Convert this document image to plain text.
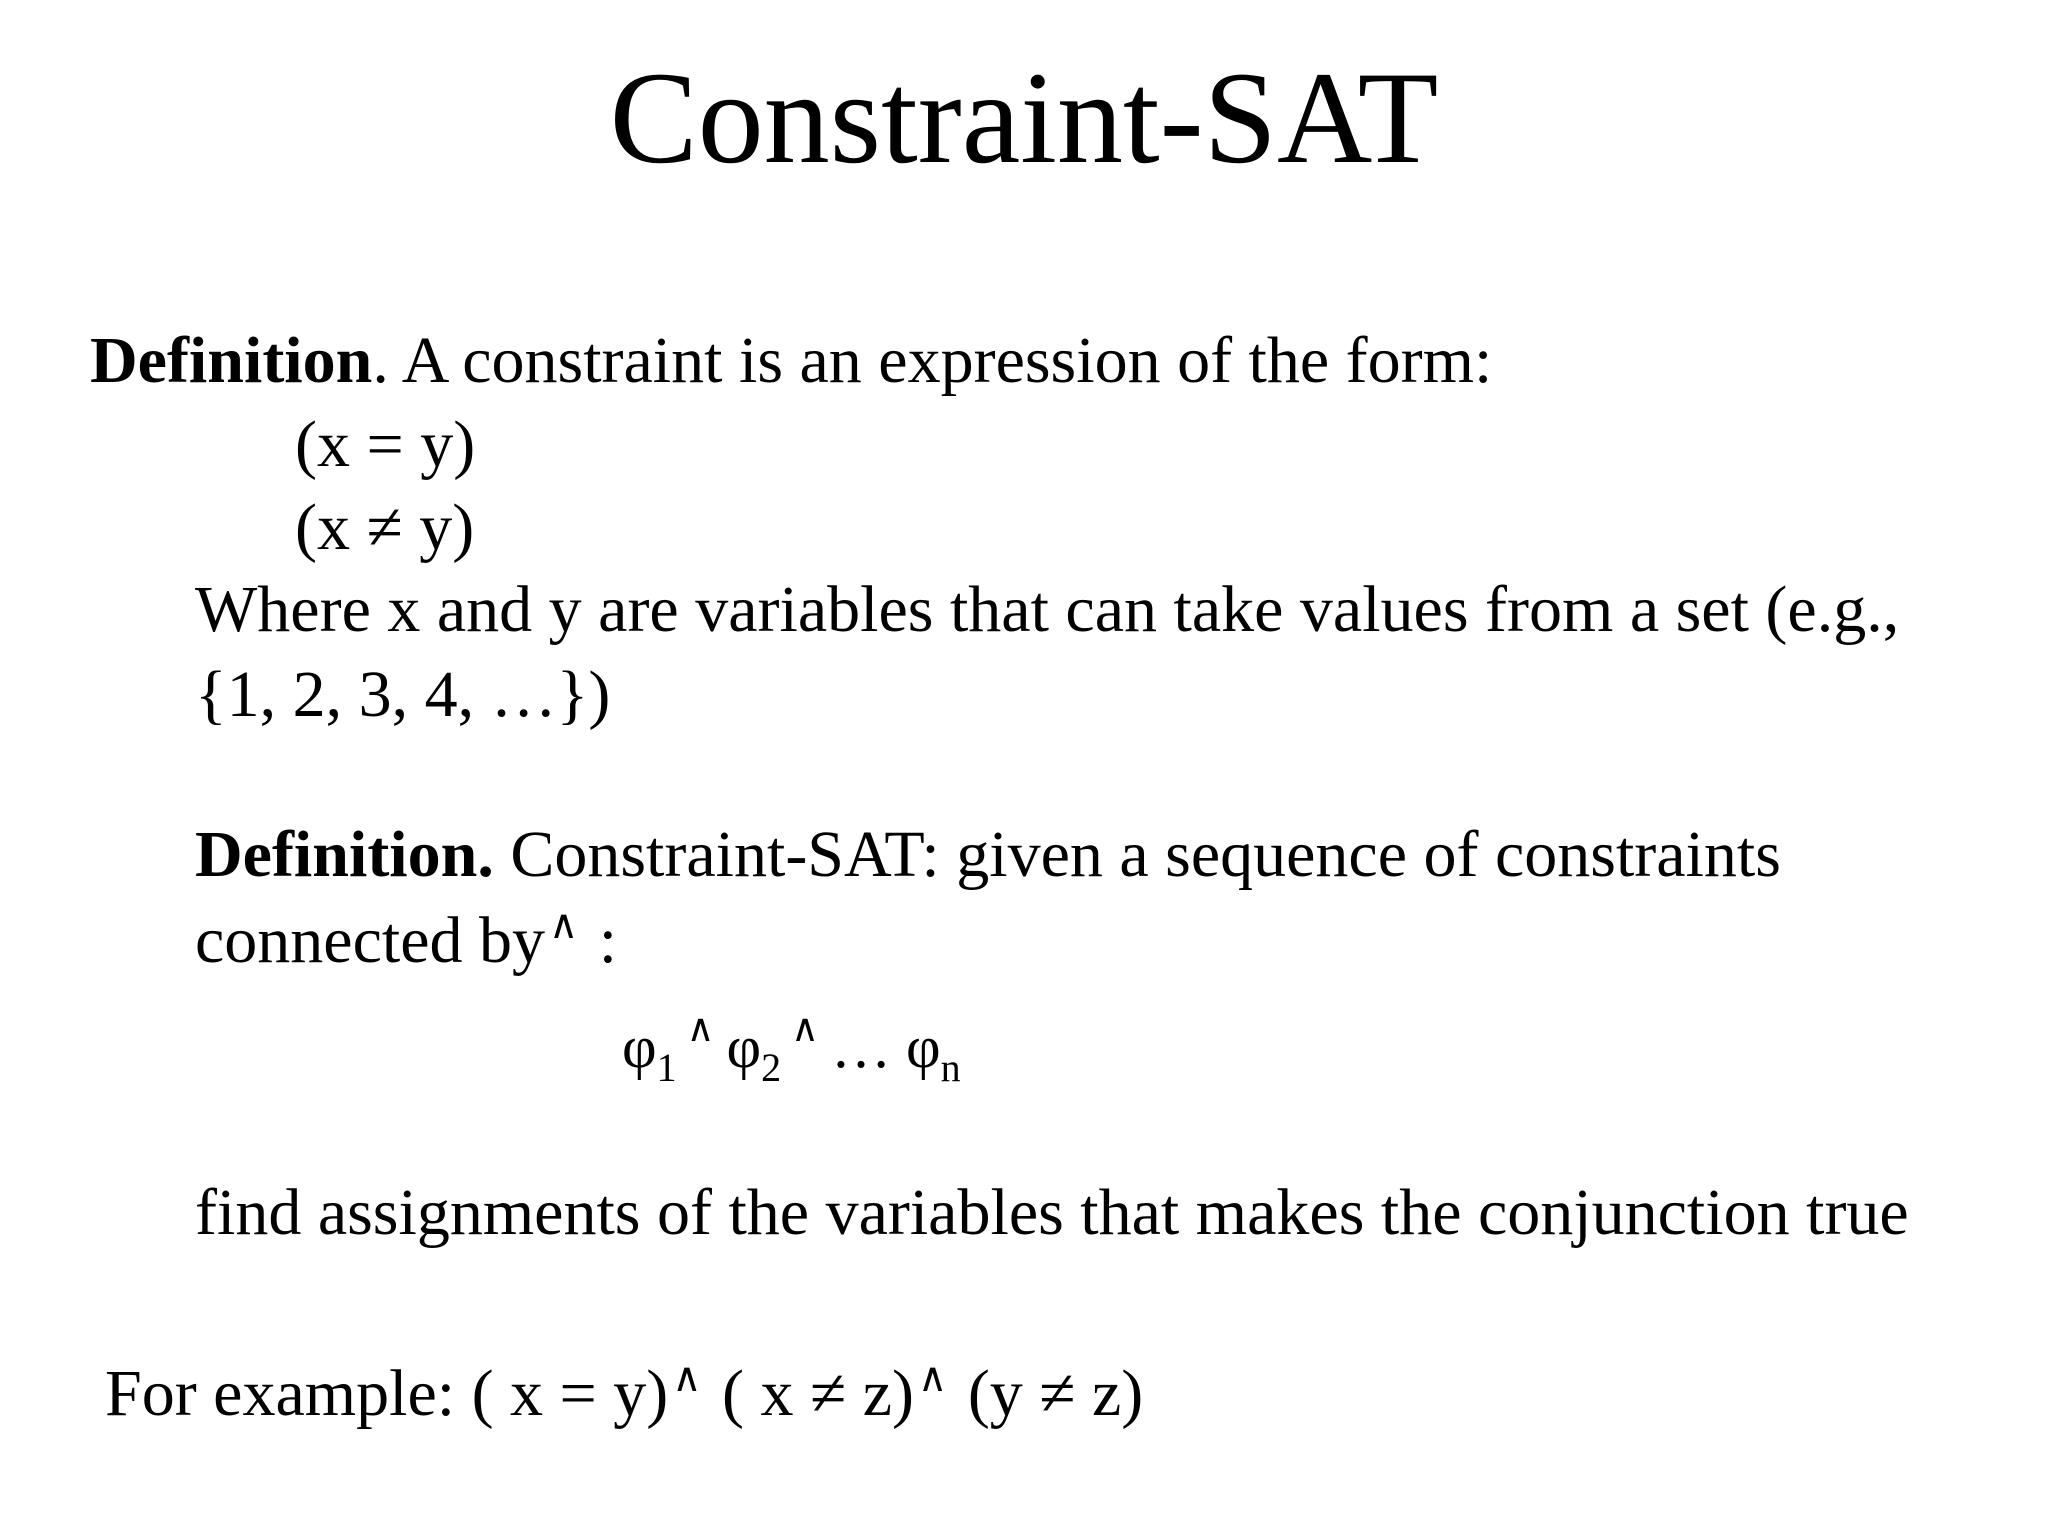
Constraint-SAT
Definition. A constraint is an expression of the form:
(x = y)
(x ≠ y)
Where x and y are variables that can take values from a set (e.g.,
{1, 2, 3, 4, …})
Definition. Constraint-SAT: given a sequence of constraints
connected by ∧ :
$\varphi_1\wedge$ $\varphi_2\wedge$ … $\varphi_n$
find assignments of the variables that makes the conjunction true
For example: ( x = y) ∧ ( x ≠ z) ∧ (y ≠ z)
